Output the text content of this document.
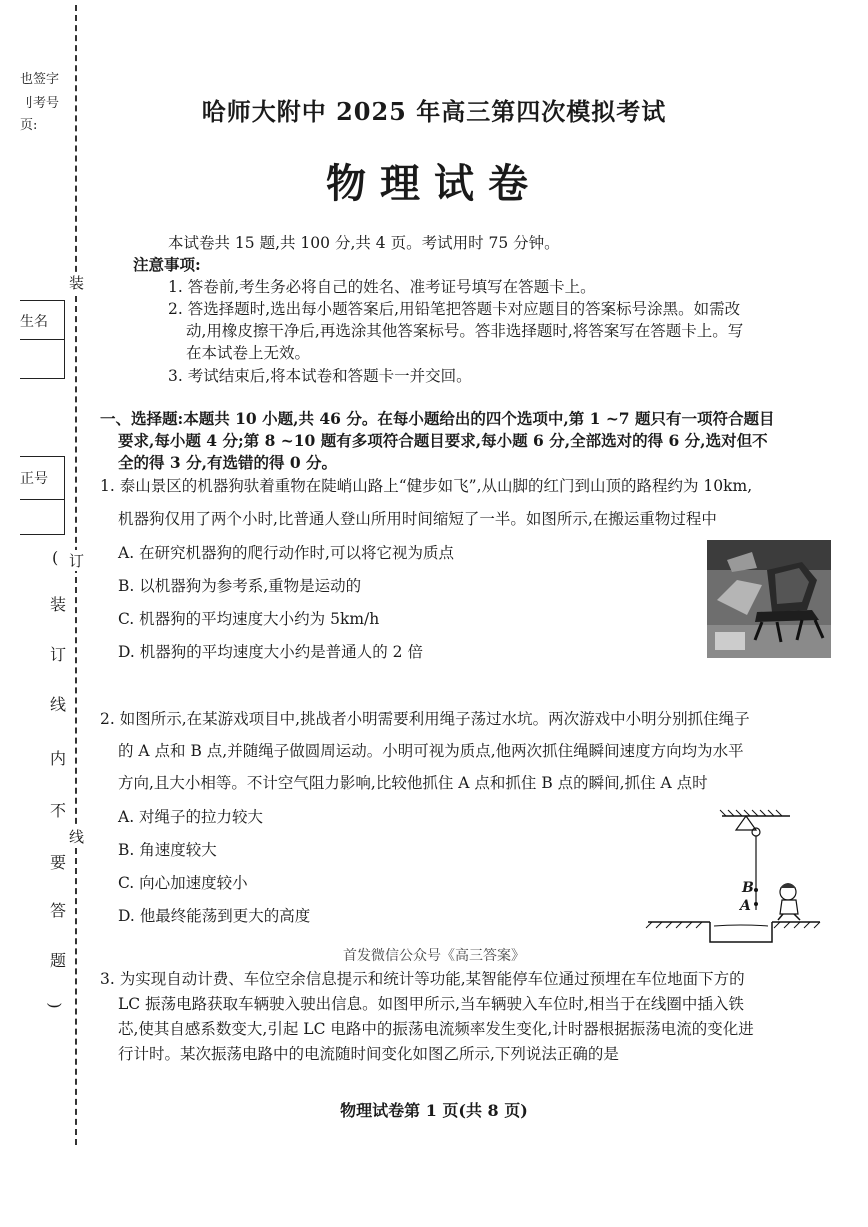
也签字
刂考号
页:
生名
正号
装
订
线
(
装
订
线
内
不
要
答
题
)
哈师大附中 2025 年高三第四次模拟考试
物理试卷
本试卷共 15 题,共 100 分,共 4 页。考试用时 75 分钟。
注意事项:
1. 答卷前,考生务必将自己的姓名、准考证号填写在答题卡上。
2. 答选择题时,选出每小题答案后,用铅笔把答题卡对应题目的答案标号涂黑。如需改
动,用橡皮擦干净后,再选涂其他答案标号。答非选择题时,将答案写在答题卡上。写
在本试卷上无效。
3. 考试结束后,将本试卷和答题卡一并交回。
一、选择题:本题共 10 小题,共 46 分。在每小题给出的四个选项中,第 1 ~7 题只有一项符合题目
要求,每小题 4 分;第 8 ~10 题有多项符合题目要求,每小题 6 分,全部选对的得 6 分,选对但不
全的得 3 分,有选错的得 0 分。
1. 泰山景区的机器狗驮着重物在陡峭山路上“健步如飞”,从山脚的红门到山顶的路程约为 10km,
机器狗仅用了两个小时,比普通人登山所用时间缩短了一半。如图所示,在搬运重物过程中
A. 在研究机器狗的爬行动作时,可以将它视为质点
B. 以机器狗为参考系,重物是运动的
C. 机器狗的平均速度大小约为 5km/h
D. 机器狗的平均速度大小约是普通人的 2 倍
2. 如图所示,在某游戏项目中,挑战者小明需要利用绳子荡过水坑。两次游戏中小明分别抓住绳子
的 A 点和 B 点,并随绳子做圆周运动。小明可视为质点,他两次抓住绳瞬间速度方向均为水平
方向,且大小相等。不计空气阻力影响,比较他抓住 A 点和抓住 B 点的瞬间,抓住 A 点时
A. 对绳子的拉力较大
B. 角速度较大
C. 向心加速度较小
D. 他最终能荡到更大的高度
B
A
首发微信公众号《高三答案》
3. 为实现自动计费、车位空余信息提示和统计等功能,某智能停车位通过预埋在车位地面下方的
LC 振荡电路获取车辆驶入驶出信息。如图甲所示,当车辆驶入车位时,相当于在线圈中插入铁
芯,使其自感系数变大,引起 LC 电路中的振荡电流频率发生变化,计时器根据振荡电流的变化进
行计时。某次振荡电路中的电流随时间变化如图乙所示,下列说法正确的是
物理试卷第 1 页(共 8 页)
